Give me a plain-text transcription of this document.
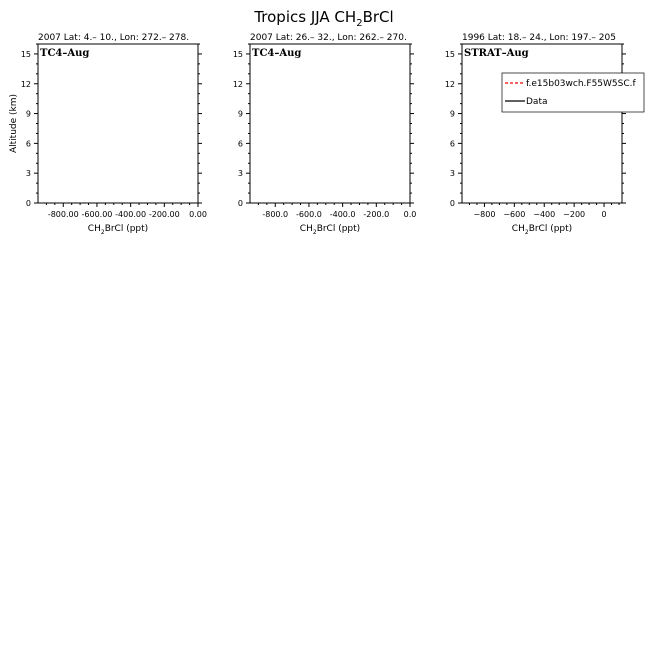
Tropics JJA $CH_2BrCl$
2007 Lat: 4.– 10., Lon: 272.– 278.
TC4–Aug
0
3
6
9
12
15
-800.00 -600.00 -400.00 -200.00 0.00
$CH_2BrCl$ (ppt)
Altitude (km)
2007 Lat: 26.– 32., Lon: 262.– 270.
TC4–Aug
0
3
6
9
12
15
-800.0 -600.0 -400.0 -200.0 0.0
$CH_2BrCl$ (ppt)
1996 Lat: 18.– 24., Lon: 197.– 205
STRAT–Aug
0
3
6
9
12
15
−800 −600 −400 −200 0
$CH_2BrCl$ (ppt)
f.e15b03wch.F55W5SC.f
Data
